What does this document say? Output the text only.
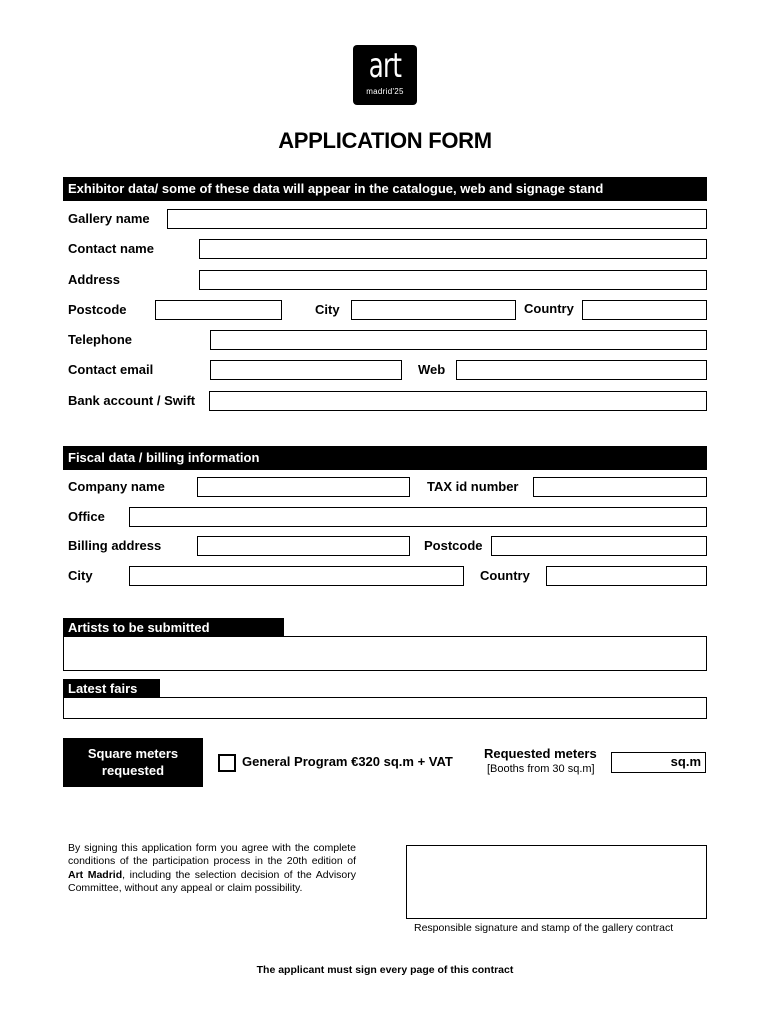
art
madrid'25
APPLICATION FORM
Exhibitor data/ some of these data will appear in the catalogue, web and signage stand
Gallery name
Contact name
Address
Postcode	City	Country
Telephone
Contact email	Web
Bank account / Swift
Fiscal data / billing information
Company name	TAX id number
Office
Billing address	Postcode
City	Country
Artists to be submitted
Latest fairs
Square meters
requested
General Program €320 sq.m + VAT
Requested meters
[Booths from 30 sq.m]	sq.m
By signing this application form you agree with the complete conditions of the participation process in the 20th edition of Art Madrid, including the selection decision of the Advisory Committee, without any appeal or claim possibility.
Responsible signature and stamp of the gallery contract
The applicant must sign every page of this contract
